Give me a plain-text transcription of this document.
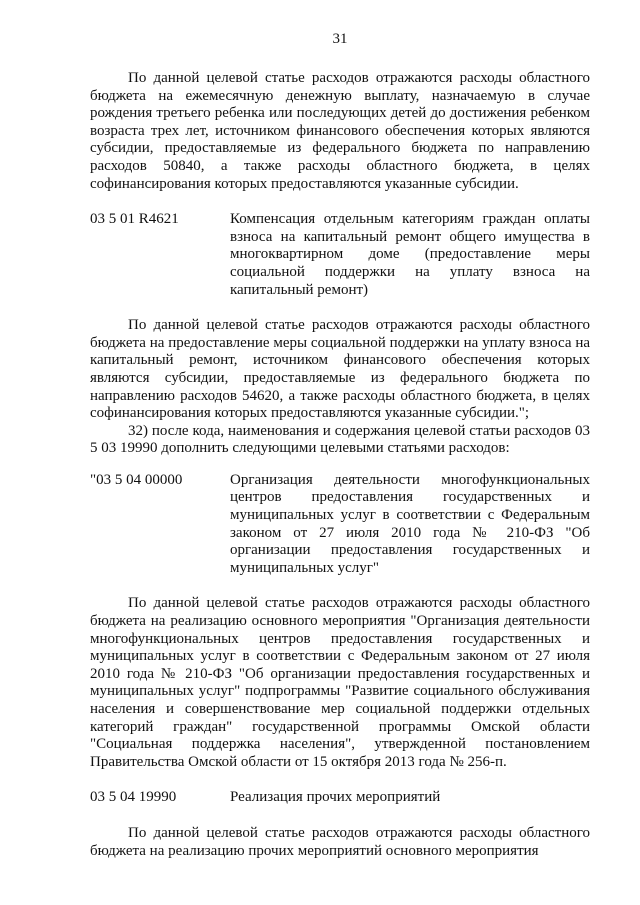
31

По данной целевой статье расходов отражаются расходы областного бюджета на ежемесячную денежную выплату, назначаемую в случае рождения третьего ребенка или последующих детей до достижения ребенком возраста трех лет, источником финансового обеспечения которых являются субсидии, предоставляемые из федерального бюджета по направлению расходов 50840, а также расходы областного бюджета, в целях софинансирования которых предоставляются указанные субсидии.

03 5 01 R4621	Компенсация отдельным категориям граждан оплаты взноса на капитальный ремонт общего имущества в многоквартирном доме (предоставление меры социальной поддержки на уплату взноса на капитальный ремонт)

По данной целевой статье расходов отражаются расходы областного бюджета на предоставление меры социальной поддержки на уплату взноса на капитальный ремонт, источником финансового обеспечения которых являются субсидии, предоставляемые из федерального бюджета по направлению расходов 54620, а также расходы областного бюджета, в целях софинансирования которых предоставляются указанные субсидии.";

32) после кода, наименования и содержания целевой статьи расходов 03 5 03 19990 дополнить следующими целевыми статьями расходов:

"03 5 04 00000	Организация деятельности многофункциональных центров предоставления государственных и муниципальных услуг в соответствии с Федеральным законом от 27 июля 2010 года № 210-ФЗ "Об организации предоставления государственных и муниципальных услуг"

По данной целевой статье расходов отражаются расходы областного бюджета на реализацию основного мероприятия "Организация деятельности многофункциональных центров предоставления государственных и муниципальных услуг в соответствии с Федеральным законом от 27 июля 2010 года № 210-ФЗ "Об организации предоставления государственных и муниципальных услуг" подпрограммы "Развитие социального обслуживания населения и совершенствование мер социальной поддержки отдельных категорий граждан" государственной программы Омской области "Социальная поддержка населения", утвержденной постановлением Правительства Омской области от 15 октября 2013 года № 256-п.

03 5 04 19990	Реализация прочих мероприятий

По данной целевой статье расходов отражаются расходы областного бюджета на реализацию прочих мероприятий основного мероприятия
